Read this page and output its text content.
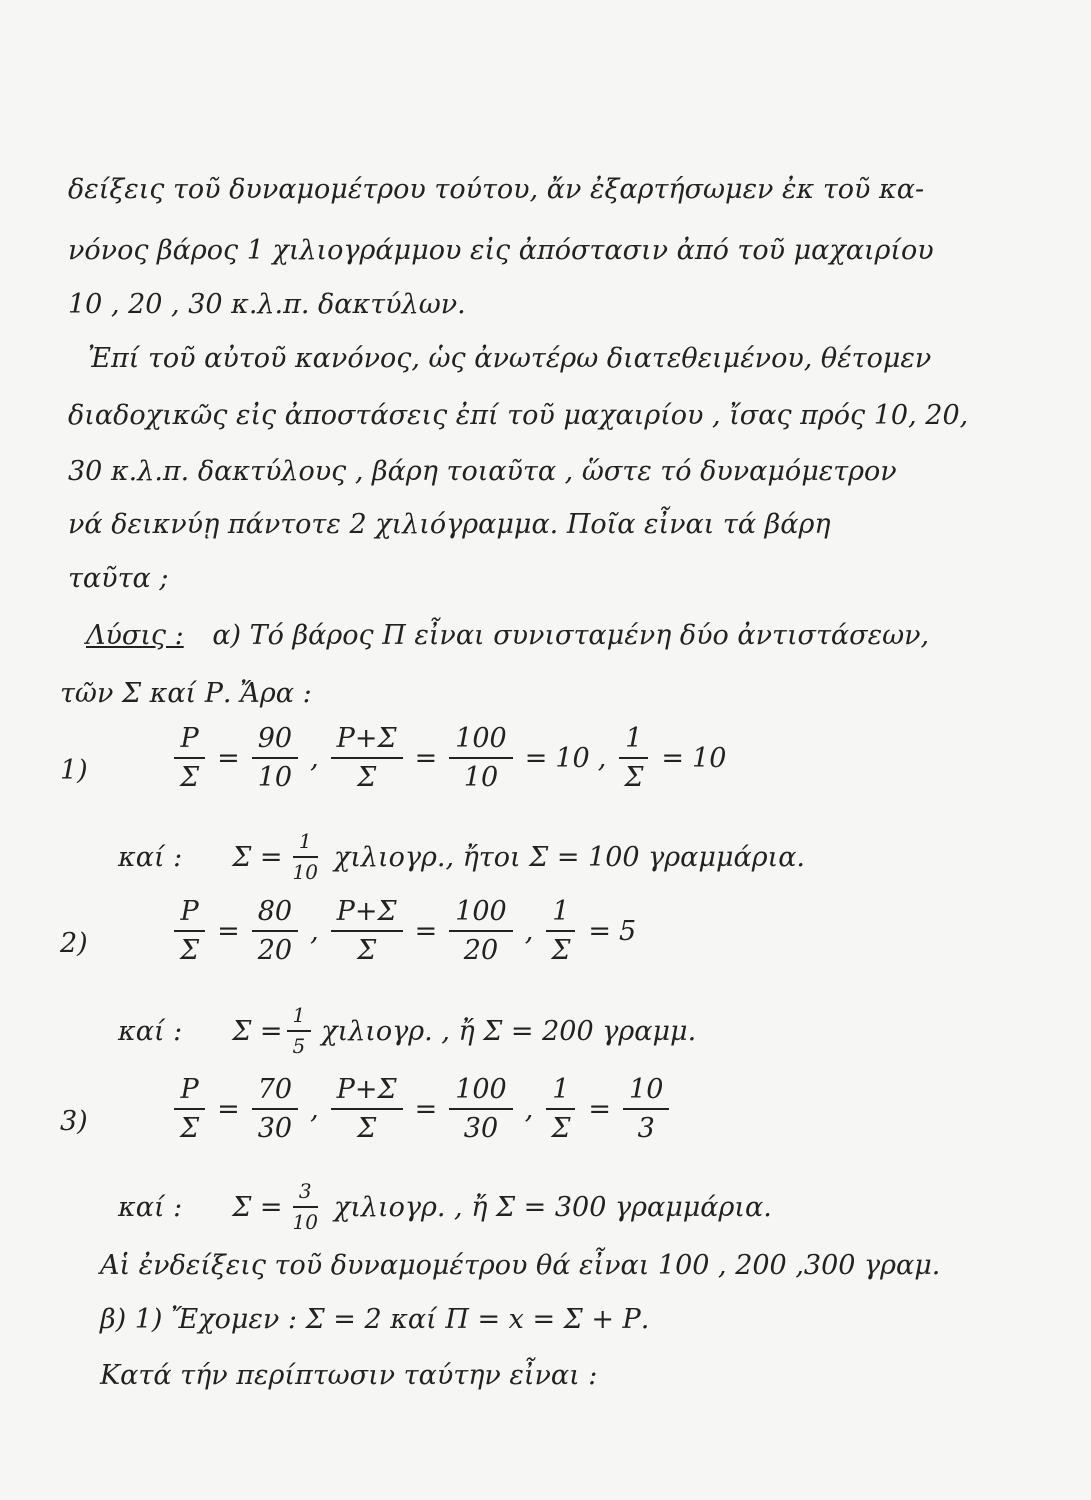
δείξεις τοῦ δυναμομέτρου τούτου, ἄν ἐξαρτήσωμεν ἐκ τοῦ κα-
νόνος βάρος 1 χιλιογράμμου εἰς ἀπόστασιν ἀπό τοῦ μαχαιρίου
10 , 20 , 30 κ.λ.π. δακτύλων.
Ἐπί τοῦ αὐτοῦ κανόνος, ὡς ἀνωτέρω διατεθειμένου, θέτομεν
διαδοχικῶς εἰς ἀποστάσεις ἐπί τοῦ μαχαιρίου , ἴσας πρός 10, 20,
30 κ.λ.π. δακτύλους , βάρη τοιαῦτα , ὥστε τό δυναμόμετρον
νά δεικνύῃ πάντοτε 2 χιλιόγραμμα. Ποῖα εἶναι τά βάρη
ταῦτα ;
Λύσις : α) Τό βάρος Π εἶναι συνισταμένη δύο ἀντιστάσεων,
τῶν Σ καί Ρ. Ἄρα :
1)	$\frac{P}{\Sigma} = \frac{90}{10}$ , $\frac{P+\Sigma}{\Sigma} = \frac{100}{10} = 10$ , $\frac{1}{\Sigma} = 10$
καί : $\Sigma = \frac{1}{10} \chi\iota\lambda\iota o\gamma\rho$., ἤτοι Σ = 100 γραμμάρια.
2)	$\frac{P}{\Sigma} = \frac{80}{20}$ , $\frac{P+\Sigma}{\Sigma} = \frac{100}{20}$ , $\frac{1}{\Sigma} = 5$
καί : $\Sigma = \frac{1}{5} \chi\iota\lambda\iota o\gamma\rho$. , ἤ Σ = 200 γραμμ.
3)	$\frac{P}{\Sigma} = \frac{70}{30}$ , $\frac{P+\Sigma}{\Sigma} = \frac{100}{30}$ , $\frac{1}{\Sigma} = \frac{10}{3}$
καί : $\Sigma = \frac{3}{10} \chi\iota\lambda\iota o\gamma\rho$. , ἤ Σ = 300 γραμμάρια.
Αἱ ἐνδείξεις τοῦ δυναμομέτρου θά εἶναι 100 , 200 ,300 γραμ.
β) 1) Ἔχομεν : Σ = 2 καί Π = x = Σ + Ρ.
Κατά τήν περίπτωσιν ταύτην εἶναι :
